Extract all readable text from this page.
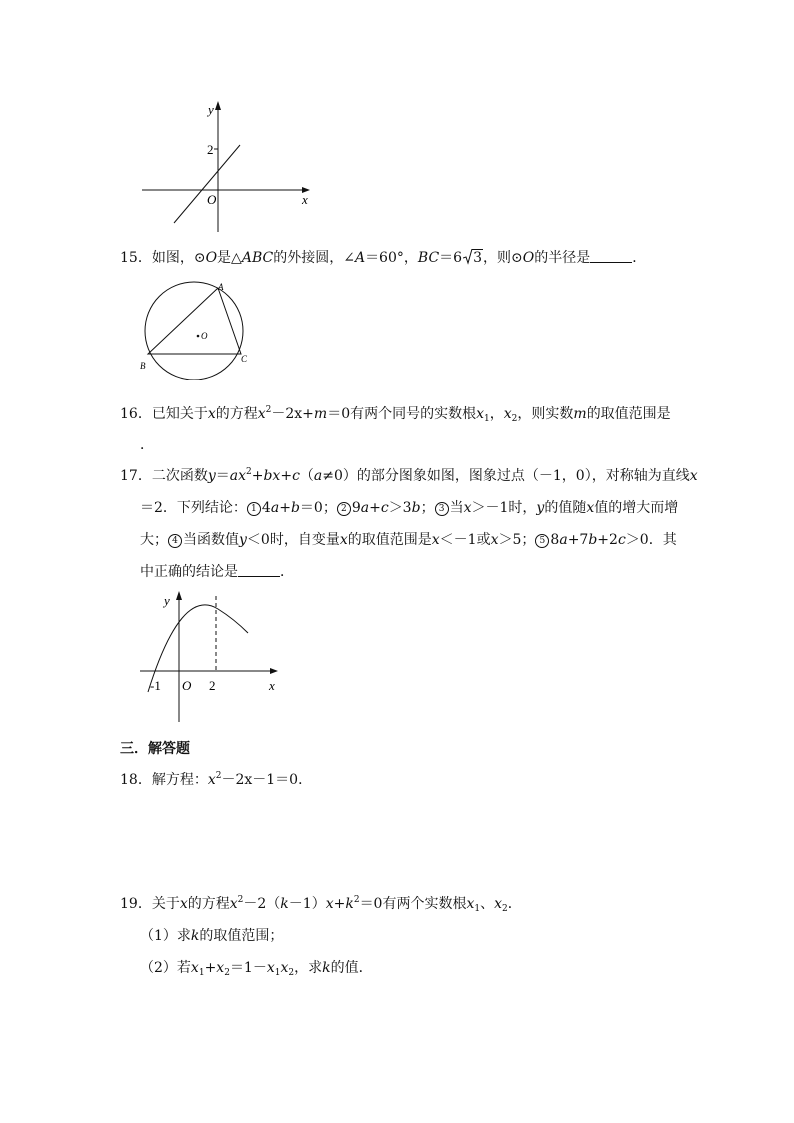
y
2
O	x
15．如图，⊙O是△ABC的外接圆，∠A＝60°，BC＝6 3，则⊙O的半径是	．
A
B
C
O
16．已知关于x的方程$x^2-2x+m=0$有两个同号的实数根$x_1$，$x_2$，则实数m的取值范围是
．
17．二次函数$y=ax^2+bx+c(a\ne 0)$的部分图象如图，图象过点（－1，0），对称轴为直线x
＝2．下列结论： 1 4a+b＝0； 2 9a+c＞3b； 3 当x＞－1时，y的值随x值的增大而增
大； 4 当函数值y＜0时，自变量x的取值范围是x＜－1或x＞5； 5 8a+7b+2c＞0．其
中正确的结论是	．
y
-1 O 2	x
三．解答题
18．解方程：$x^2-2x-1=0$．
19．关于x的方程$x^2-2(k-1)x+k^2=0$有两个实数根$x_1$、$x_2$．
（1）求k的取值范围；
（2）若$x_1+x_2=1-x_1x_2$，求k的值．
